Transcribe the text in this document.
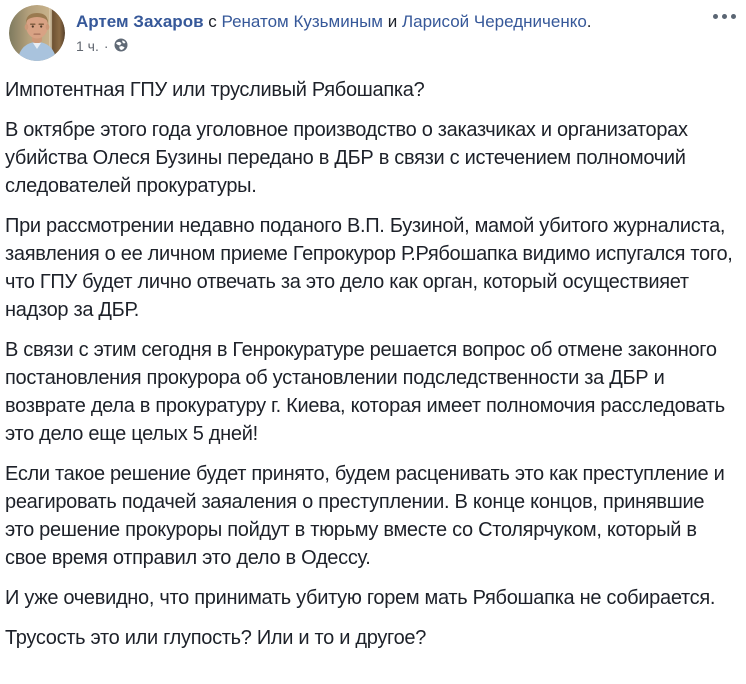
Артем Захаров с Ренатом Кузьминым и Ларисой Чередниченко.
1 ч. ·

Импотентная ГПУ или трусливый Рябошапка?

В октябре этого года уголовное производство о заказчиках и организаторах убийства Олеся Бузины передано в ДБР в связи с истечением полномочий следователей прокуратуры.

При рассмотрении недавно поданого В.П. Бузиной, мамой убитого журналиста, заявления о ее личном приеме Гепрокурор Р.Рябошапка видимо испугался того, что ГПУ будет лично отвечать за это дело как орган, который осуществияет надзор за ДБР.

В связи с этим сегодня в Генрокуратуре решается вопрос об отмене законного постановления прокурора об установлении подследственности за ДБР и возврате дела в прокуратуру г. Киева, которая имеет полномочия расследовать это дело еще целых 5 дней!

Если такое решение будет принято, будем расценивать это как преступление и реагировать подачей заяаления о преступлении. В конце концов, принявшие это решение прокуроры пойдут в тюрьму вместе со Столярчуком, который в свое время отправил это дело в Одессу.

И уже очевидно, что принимать убитую горем мать Рябошапка не собирается.

Трусость это или глупость? Или и то и другое?
